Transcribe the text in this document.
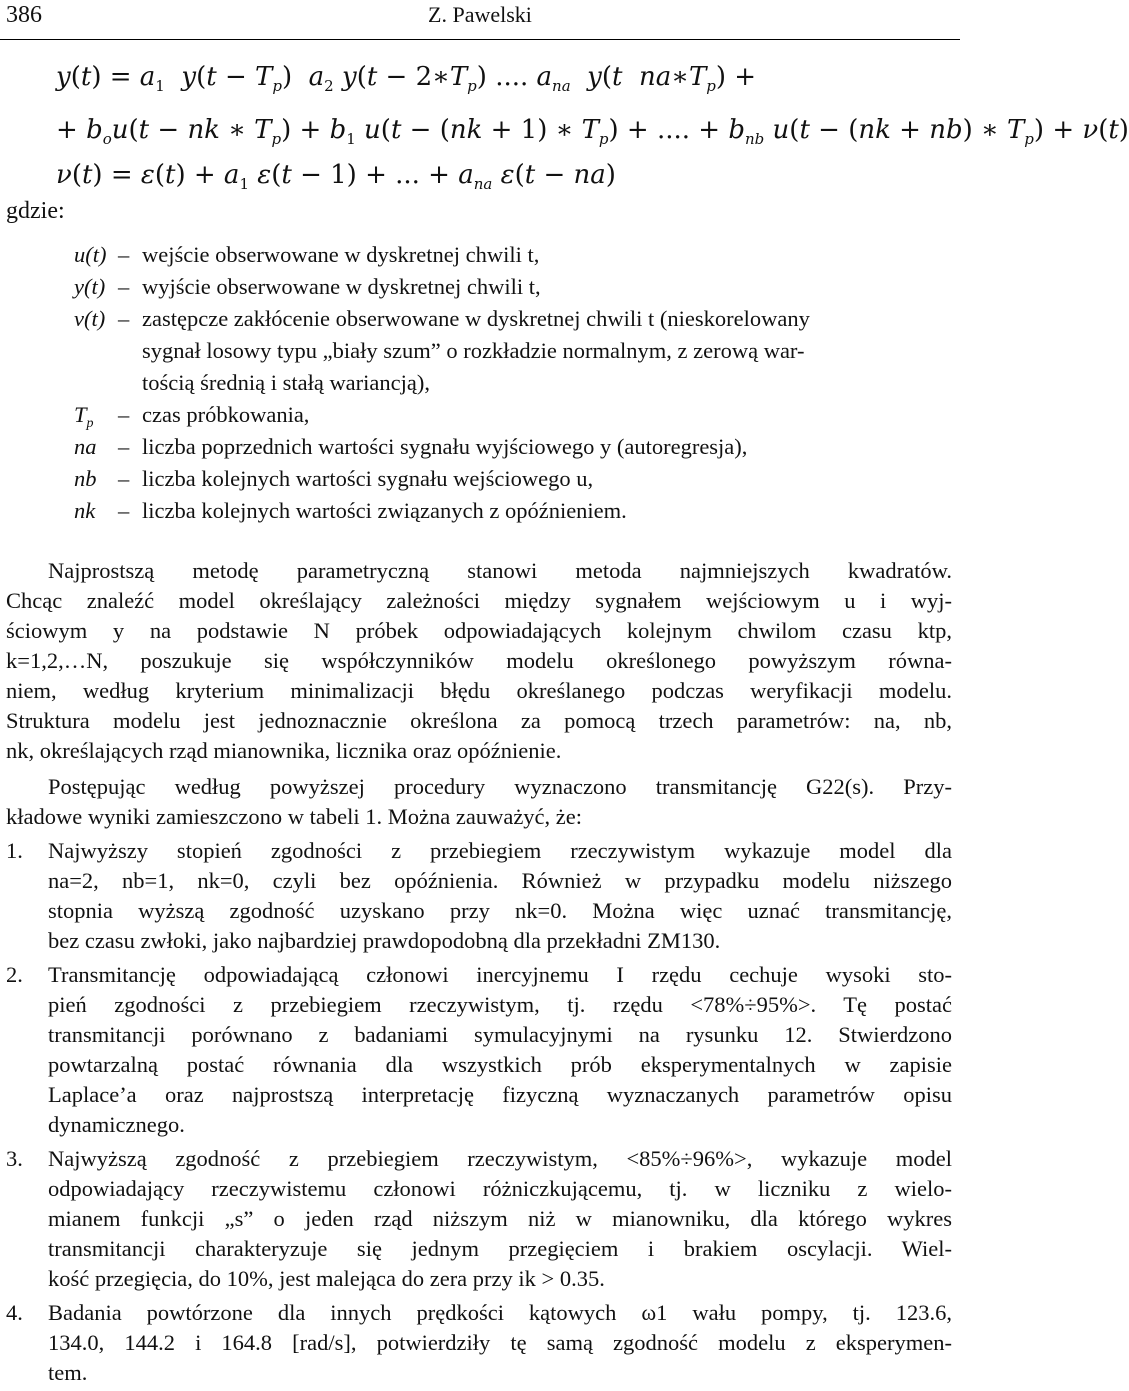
386	Z. Pawelski
$y(t) = a_1$ $y(t - T_p)$  $a_2$ $y(t - 2∗T_p)$ .... $a_{na}$ y(t $na∗T_p$) +
+ $b_ou(t$ − nk ∗ $T_p) + b_1$ u(t − (nk + 1) ∗ $T_p$) + .... + $b_{nb}$ u(t − (nk + nb) ∗ $T_p) + \nu(t)$
$\nu(t) = \varepsilon(t) + a_1$ ε(t − 1) + ... + $a_{na}$ ε(t − na)
gdzie:
u(t) – wejście obserwowane w dyskretnej chwili t,
y(t) – wyjście obserwowane w dyskretnej chwili t,
ν(t) – zastępcze zakłócenie obserwowane w dyskretnej chwili t (nieskorelowany
sygnał losowy typu „biały szum” o rozkładzie normalnym, z zerową war-
tością średnią i stałą wariancją),
$T_p$ – czas próbkowania,
na – liczba poprzednich wartości sygnału wyjściowego y (autoregresja),
nb – liczba kolejnych wartości sygnału wejściowego u,
nk – liczba kolejnych wartości związanych z opóźnieniem.
Najprostszą metodę parametryczną stanowi metoda najmniejszych kwadratów.
Chcąc znaleźć model określający zależności między sygnałem wejściowym u i wyj-
ściowym y na podstawie N próbek odpowiadających kolejnym chwilom czasu ktp,
k=1,2,…N, poszukuje się współczynników modelu określonego powyższym równa-
niem, według kryterium minimalizacji błędu określanego podczas weryfikacji modelu.
Struktura modelu jest jednoznacznie określona za pomocą trzech parametrów: na, nb,
nk, określających rząd mianownika, licznika oraz opóźnienie.
Postępując według powyższej procedury wyznaczono transmitancję G22(s). Przy-
kładowe wyniki zamieszczono w tabeli 1. Można zauważyć, że:
1. Najwyższy stopień zgodności z przebiegiem rzeczywistym wykazuje model dla
na=2, nb=1, nk=0, czyli bez opóźnienia. Również w przypadku modelu niższego
stopnia wyższą zgodność uzyskano przy nk=0. Można więc uznać transmitancję,
bez czasu zwłoki, jako najbardziej prawdopodobną dla przekładni ZM130.
2. Transmitancję odpowiadającą członowi inercyjnemu I rzędu cechuje wysoki sto-
pień zgodności z przebiegiem rzeczywistym, tj. rzędu <78%÷95%>. Tę postać
transmitancji porównano z badaniami symulacyjnymi na rysunku 12. Stwierdzono
powtarzalną postać równania dla wszystkich prób eksperymentalnych w zapisie
Laplace’a oraz najprostszą interpretację fizyczną wyznaczanych parametrów opisu
dynamicznego.
3. Najwyższą zgodność z przebiegiem rzeczywistym, <85%÷96%>, wykazuje model
odpowiadający rzeczywistemu członowi różniczkującemu, tj. w liczniku z wielo-
mianem funkcji „s” o jeden rząd niższym niż w mianowniku, dla którego wykres
transmitancji charakteryzuje się jednym przegięciem i brakiem oscylacji. Wiel-
kość przegięcia, do 10%, jest malejąca do zera przy ik > 0.35.
4. Badania powtórzone dla innych prędkości kątowych ω1 wału pompy, tj. 123.6,
134.0, 144.2 i 164.8 [rad/s], potwierdziły tę samą zgodność modelu z eksperymen-
tem.
